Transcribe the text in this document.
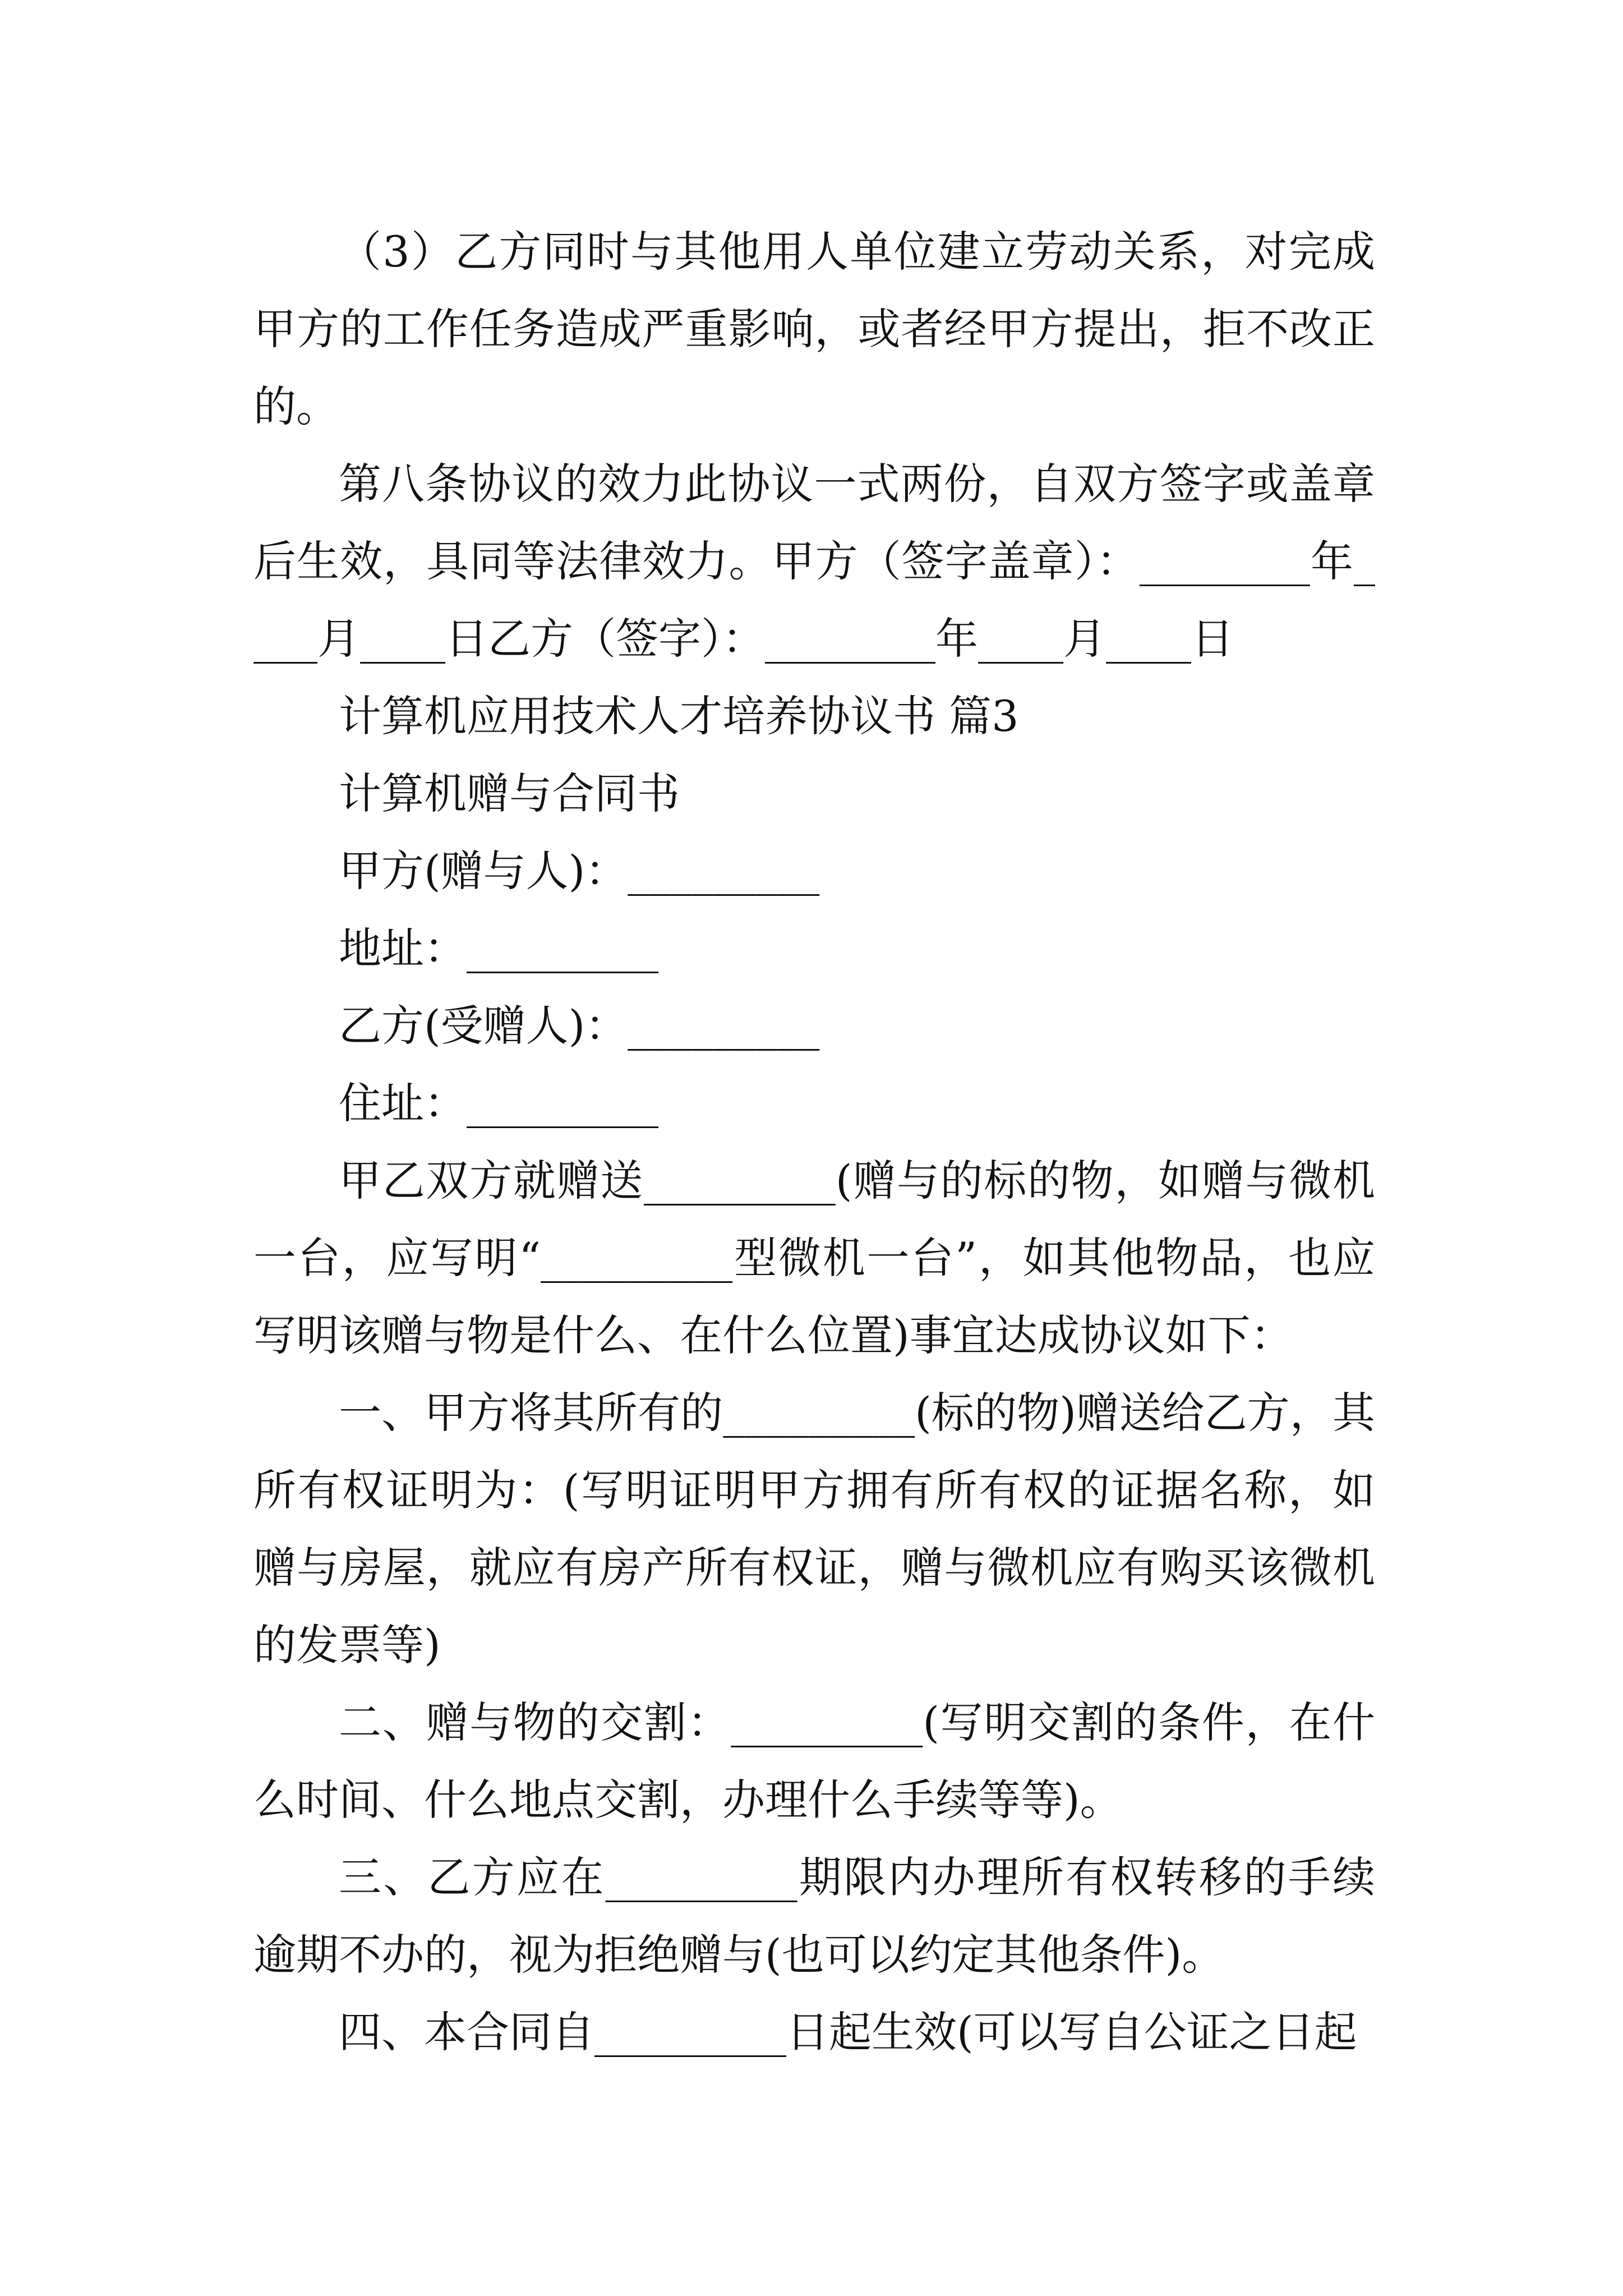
（3）乙方同时与其他用人单位建立劳动关系，对完成甲方的工作任务造成严重影响，或者经甲方提出，拒不改正的。

第八条协议的效力此协议一式两份，自双方签字或盖章后生效，具同等法律效力。甲方（签字盖章）：________年____月____日乙方（签字）：________年____月____日

计算机应用技术人才培养协议书 篇3

计算机赠与合同书

甲方(赠与人)：_________

地址：_________

乙方(受赠人)：_________

住址：_________

甲乙双方就赠送_________(赠与的标的物，如赠与微机一台，应写明“_________型微机一台”，如其他物品，也应写明该赠与物是什么、在什么位置)事宜达成协议如下：

一、甲方将其所有的_________(标的物)赠送给乙方，其所有权证明为：(写明证明甲方拥有所有权的证据名称，如赠与房屋，就应有房产所有权证，赠与微机应有购买该微机的发票等)

二、赠与物的交割：_________(写明交割的条件，在什么时间、什么地点交割，办理什么手续等等)。

三、乙方应在_________期限内办理所有权转移的手续逾期不办的，视为拒绝赠与(也可以约定其他条件)。

四、本合同自_________日起生效(可以写自公证之日起
